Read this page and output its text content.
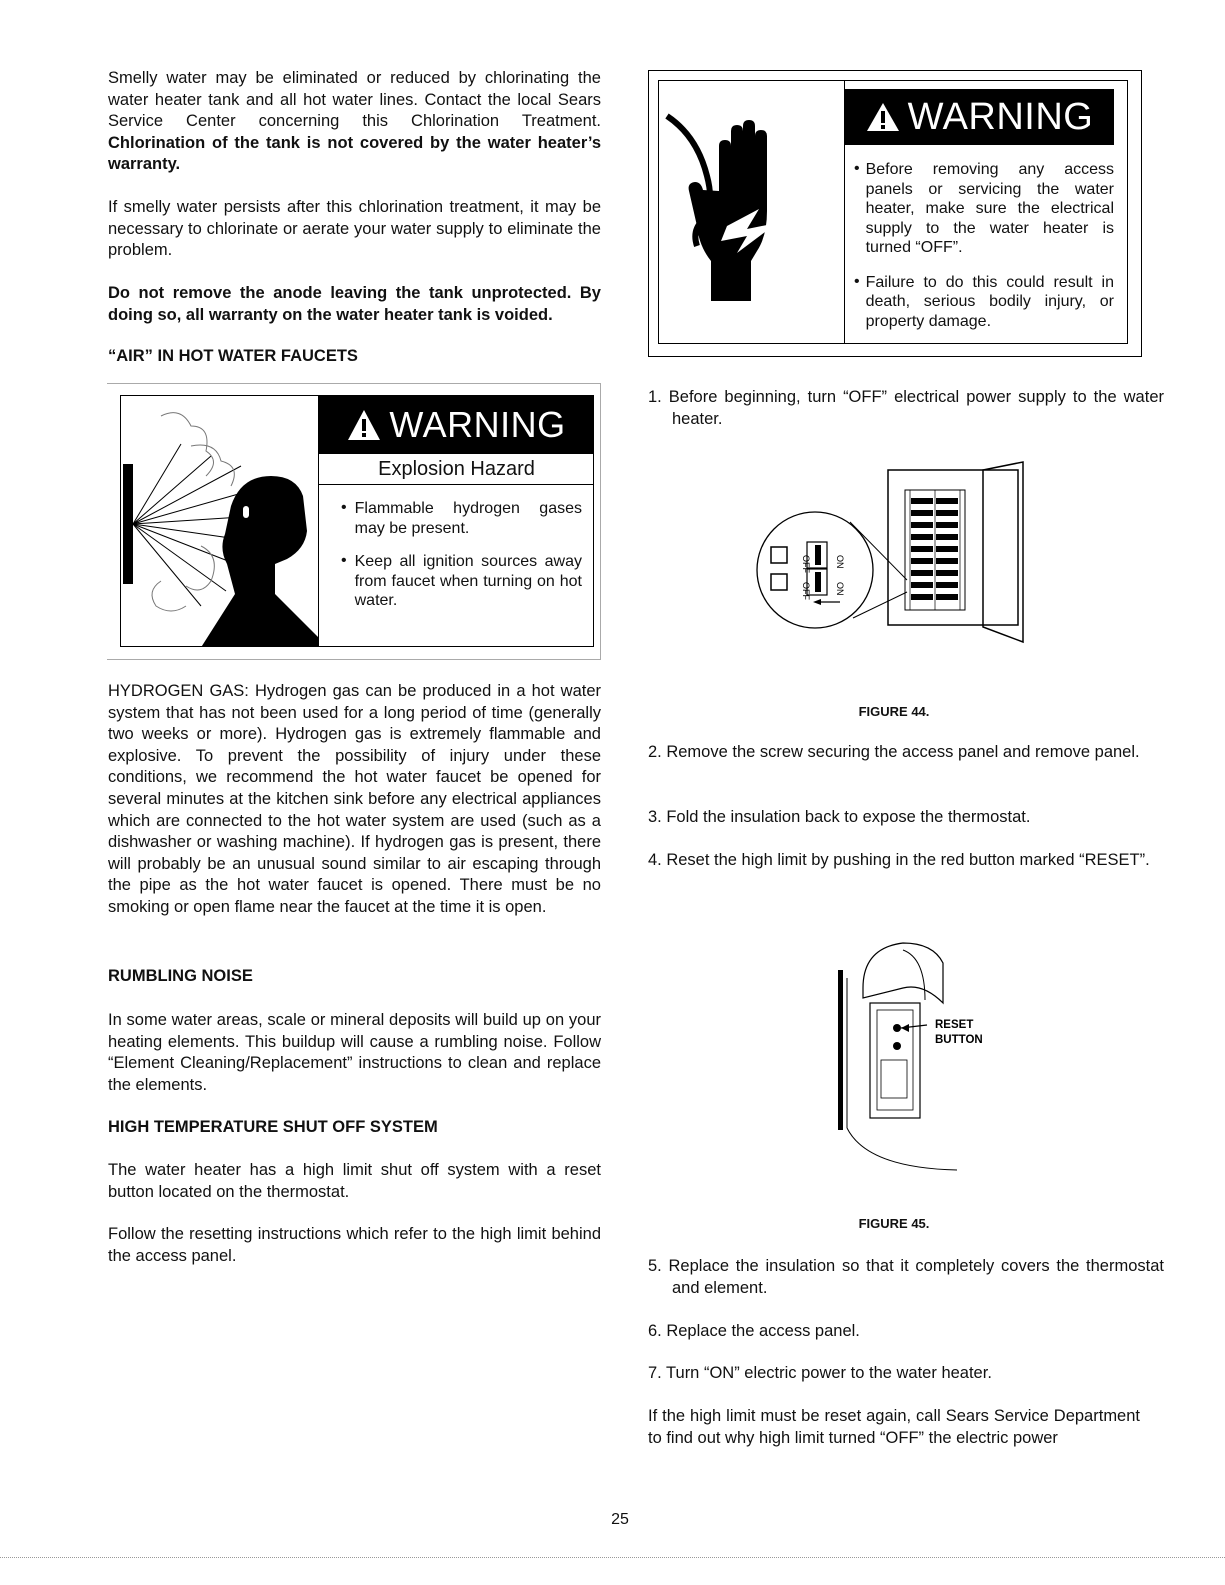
Smelly water may be eliminated or reduced by chlorinating the water heater tank and all hot water lines. Contact the local Sears Service Center concerning this Chlorination Treatment. Chlorination of the tank is not covered by the water heater’s warranty.

If smelly water persists after this chlorination treatment, it may be necessary to chlorinate or aerate your water supply to eliminate the problem.

Do not remove the anode leaving the tank unprotected. By doing so, all warranty on the water heater tank is voided.

“AIR” IN HOT WATER FAUCETS

WARNING
Explosion Hazard
• Flammable hydrogen gases may be present.

• Keep all ignition sources away from faucet when turning on hot water.

HYDROGEN GAS: Hydrogen gas can be produced in a hot water system that has not been used for a long period of time (generally two weeks or more). Hydrogen gas is extremely flammable and explosive. To prevent the possibility of injury under these conditions, we recommend the hot water faucet be opened for several minutes at the kitchen sink before any electrical appliances which are connected to the hot water system are used (such as a dishwasher or washing machine). If hydrogen gas is present, there will probably be an unusual sound similar to air escaping through the pipe as the hot water faucet is opened. There must be no smoking or open flame near the faucet at the time it is open.

RUMBLING NOISE

In some water areas, scale or mineral deposits will build up on your heating elements. This buildup will cause a rumbling noise. Follow “Element Cleaning/Replacement” instructions to clean and replace the elements.

HIGH TEMPERATURE SHUT OFF SYSTEM

The water heater has a high limit shut off system with a reset button located on the thermostat.

Follow the resetting instructions which refer to the high limit behind the access panel.

WARNING
• Before removing any access panels or servicing the water heater, make sure the electrical supply to the water heater is turned “OFF”.

• Failure to do this could result in death, serious bodily injury, or property damage.

1. Before beginning, turn “OFF” electrical power supply to the water heater.

OFF	ON
OFF	ON
FIGURE 44.

2. Remove the screw securing the access panel and remove panel.

3. Fold the insulation back to expose the thermostat.

4. Reset the high limit by pushing in the red button marked “RESET”.

RESET
BUTTON
FIGURE 45.

5. Replace the insulation so that it completely covers the thermostat and element.

6. Replace the access panel.

7. Turn “ON” electric power to the water heater.

If the high limit must be reset again, call Sears Service Department to find out why high limit turned “OFF” the electric power

25
